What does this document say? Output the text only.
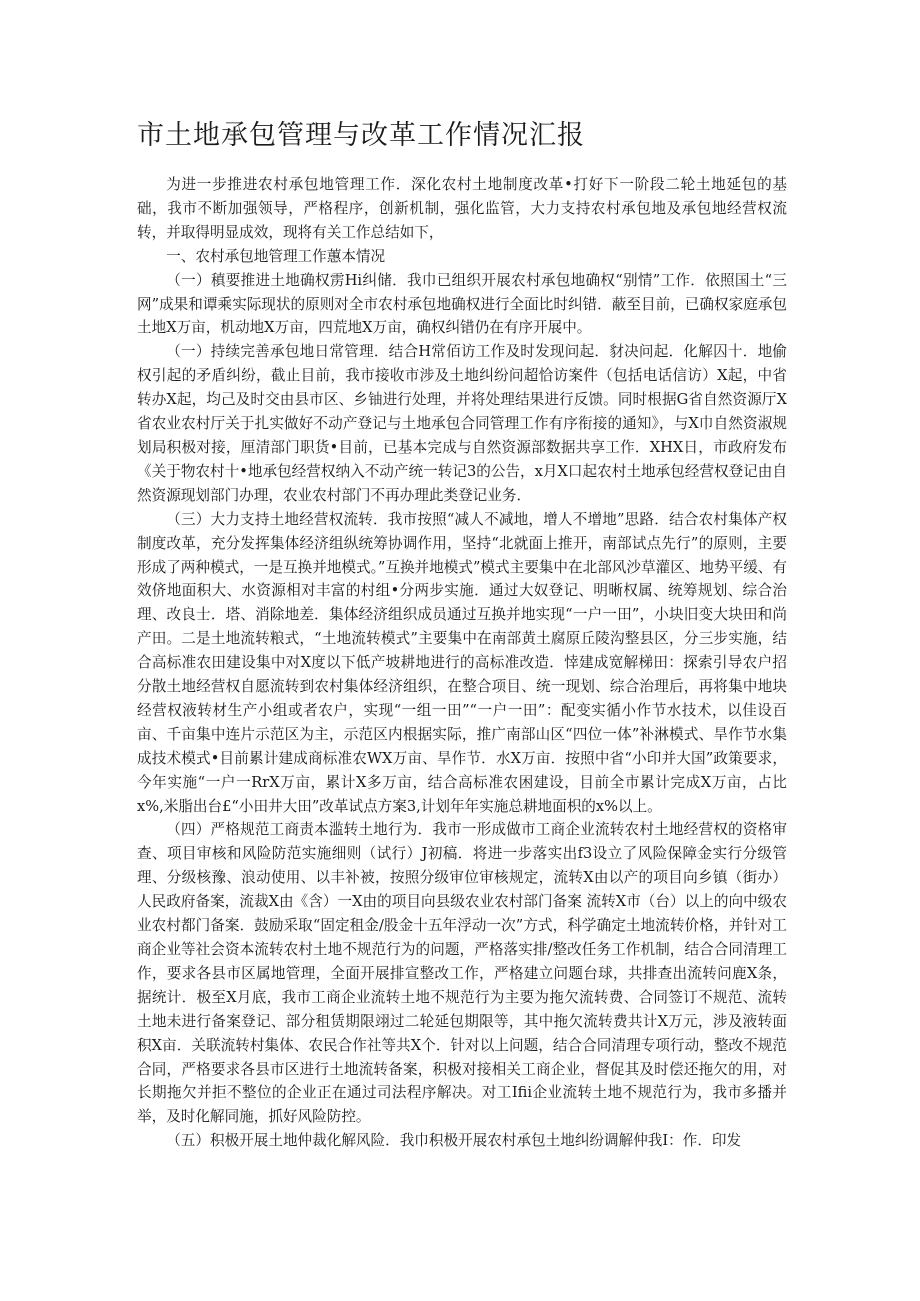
市土地承包管理与改革工作情况汇报

为进一步推进农村承包地管理工作．深化农村土地制度改革•打好下一阶段二轮土地延包的基础，我市不断加强领导，严格程序，创新机制，强化监管，大力支持农村承包地及承包地经营权流转，并取得明显成效，现将有关工作总结如下，

一、农村承包地管理工作蕙本情况

（一）稹要推进土地确权雳Hi纠储．我巾已组织开展农村承包地确权“别情”工作．依照国土“三网”成果和谭乘实际现状的原则对全市农村承包地确权进行全面比时纠错．蔽至目前，已确权家庭承包土地X万亩，机动地X万亩，四荒地X万亩，确权纠错仍在有序开展中。

（一）持续完善承包地日常管理．结合H常佰访工作及时发现问起．豺决问起．化解囚十．地偷权引起的矛盾纠纷，截止目前，我市接收市涉及土地纠纷问超恰访案件（包括电话信访）X起，中省转办X起，均己及时交由县市区、乡铀进行处理，并将处理结果进行反馈。同时根据G省自然资源厅X省农业农村厅关于扎实做好不动产登记与土地承包合同管理工作有序衔接的通知》，与X巾自然资淑规划局积极对接，厘清部门职货•目前，已基本完成与自然资源部数据共享工作．XHX日，市政府发布《关于物农村十•地承包经营权纳入不动产统一转记3的公告，x月X口起农村土地承包经营权登记由自然资源现划部门办理，农业农村部门不再办理此类登记业务．

（三）大力支持土地经营权流转．我市按照“减人不减地，增人不增地”思路．结合农村集体产权制度改革，充分发挥集体经济组纵统筹协调作用，坚持“北就面上推开，南部试点先行”的原则，主要形成了两种模式，一是互换并地模式。”互换并地模式”模式主要集中在北部风沙草灌区、地势平缓、有效侪地面积大、水资源相对丰富的村组•分两步实施．通过大奴登记、明晰权属、统筹规划、综合治理、改良士．塔、消除地差．集体经济组织成员通过互换并地实现“一户一田”，小块旧变大块田和尚产田。二是土地流转粮式，“土地流转模式”主要集中在南部黄土腐原丘陵沟整县区，分三步实施，结合高标准农田建设集中对X度以下低产坡耕地进行的高标准改造．悻建成宽解梯田：探索引导农户招分散土地经营权自愿流转到农村集体经济组织，在整合项目、统一现划、综合治理后，再将集中地块经营权液转材生产小组或者农户，实现“一组一田”“一户一田”：配变实循小作节水技术，以佳设百亩、千亩集中连片示范区为主，示范区内根据实际，推广南部山区“四位一体”补淋模式、旱作节水集成技术模式•目前累计建成商标准农WX万亩、旱作节．水X万亩．按照中省“小印并大国”政策要求，今年实施“一户一RrX万亩，累计X多万亩，结合高标准农困建设，目前全市累计完成X万亩，占比x%,米脂出台£“小田井大田”改革试点方案3,计划年年实施总耕地面枳的x%以上。

（四）严格规范工商责本滥转土地行为．我市一形成做市工商企业流转农村土地经营权的资格审查、项目审核和风险防范实施细则（试行）J初稿．将进一步落实出f3设立了风险保障金实行分级管理、分级核豫、浪动使用、以丰补被，按照分级审位审核规定，流转X由以产的项目向乡镇（街办）人民政府备案，流裁X由《含）一X由的项目向县级农业农村部门备案 流转X市（台）以上的向中级农业农村都门备案．鼓励采取“固定租金/股金十五年浮动一次”方式，科学确定土地流转价格，并针对工商企业等社会资本流转农村土地不规范行为的问题，严格落实排/整改任务工作机制，结合合同清理工作，要求各县市区属地管理，全面开展排宣整改工作，严格建立问题台球，共排查出流转问鹿X条，据统计．极至X月底，我市工商企业流转土地不规范行为主要为拖欠流转费、合同签订不规范、流转土地未进行备案登记、部分租赁期限翊过二轮延包期限等，其中拖欠流转费共计X万元，涉及液转面积X亩．关联流转村集体、农民合作社等共X个．针对以上问题，结合合同清理专项行动，整改不规范合同，严格要求各县市区进行土地流转备案，积极对接相关工商企业，督促其及时偿还拖欠的用，对长期拖欠并拒不整位的企业正在通过司法程序解决。对工Ifii企业流转土地不规范行为，我市多播并举，及时化解同施，抓好风险防控。

（五）积极开展土地仲裁化解风险．我巾积极开展农村承包土地纠纷调解仲我I：作．印发
